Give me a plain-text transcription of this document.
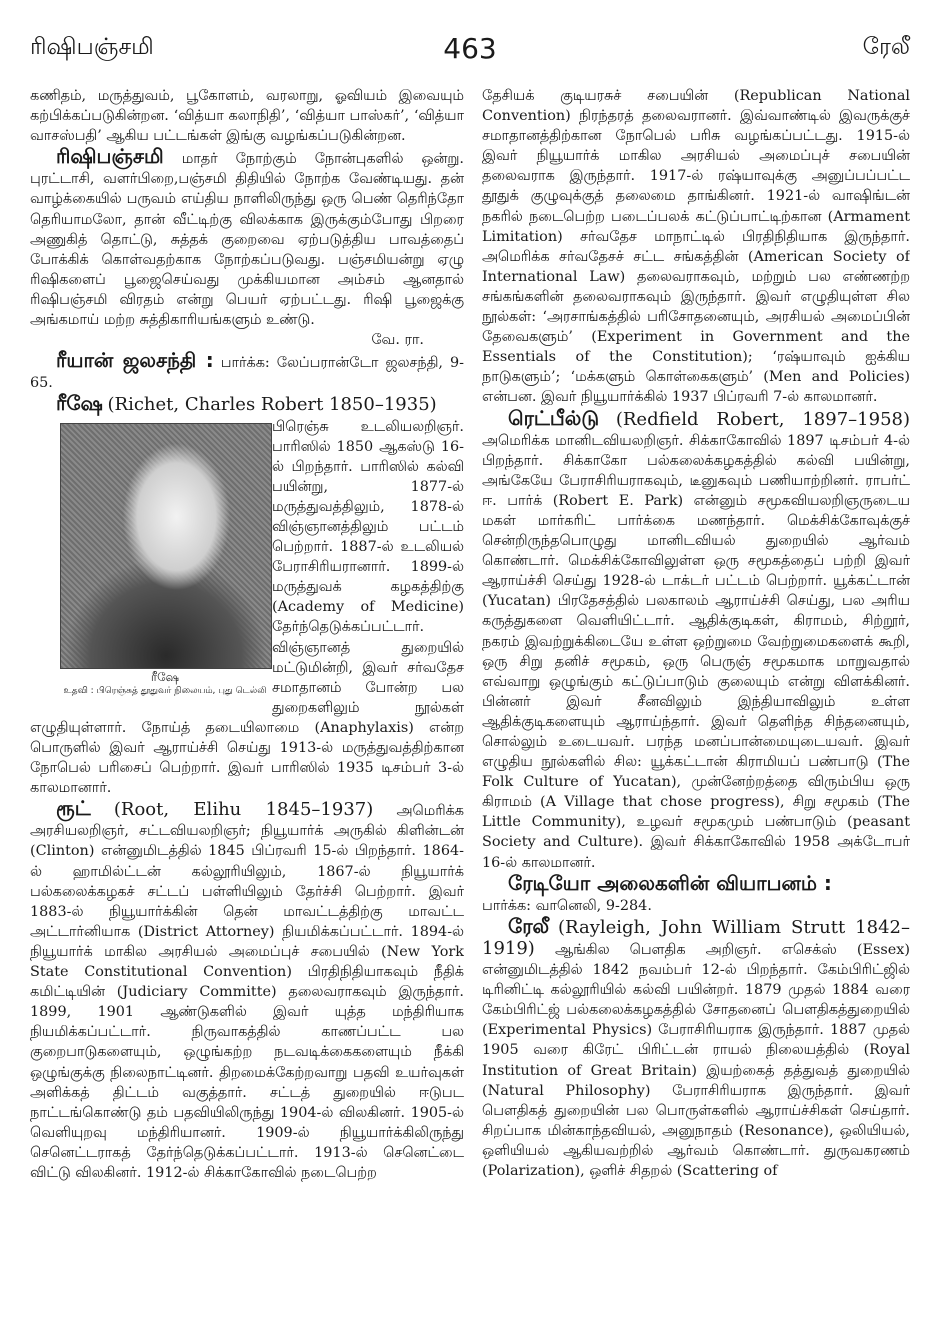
ரிஷிபஞ்சமி	463	ரேலீ

கணிதம், மருத்துவம், பூகோளம், வரலாறு, ஓவியம் இவையும் கற்பிக்கப்படுகின்றன. ‘வித்யா கலாநிதி’, ‘வித்யா பாஸ்கர்’, ‘வித்யா வாசஸ்பதி’ ஆகிய பட்டங்கள் இங்கு வழங்கப்படுகின்றன.

ரிஷிபஞ்சமி மாதர் நோற்கும் நோன்புகளில் ஒன்று. புரட்டாசி, வளர்பிறை,பஞ்சமி திதியில் நோற்க வேண்டியது. தன் வாழ்க்கையில் பருவம் எய்திய நாளிலிருந்து ஒரு பெண் தெரிந்தோ தெரியாமலோ, தான் வீட்டிற்கு விலக்காக இருக்கும்போது பிறரை அணுகித் தொட்டு, சுத்தக் குறைவை ஏற்படுத்திய பாவத்தைப் போக்கிக் கொள்வதற்காக நோற்கப்படுவது. பஞ்சமியன்று ஏழு ரிஷிகளைப் பூஜைசெய்வது முக்கியமான அம்சம் ஆனதால் ரிஷிபஞ்சமி விரதம் என்று பெயர் ஏற்பட்டது. ரிஷி பூஜைக்கு அங்கமாய் மற்ற சுத்திகாரியங்களும் உண்டு.
வே. ரா.

ரீயான் ஜலசந்தி : பார்க்க: லேப்பரான்டோ ஜலசந்தி, 9-65.

ரீஷே (Richet, Charles Robert 1850–1935)

ரீஷே
உதவி : பிரெஞ்சுத் தூதுவர் நிலையம், புது டெல்லி

பிரெஞ்சு உடலியலறிஞர். பாரிஸில் 1850 ஆகஸ்டு 16-ல் பிறந்தார். பாரிஸில் கல்வி பயின்று, 1877-ல் மருத்துவத்திலும், 1878-ல் விஞ்ஞானத்திலும் பட்டம் பெற்றார். 1887-ல் உடலியல் பேராசிரியரானார். 1899-ல் மருத்துவக் கழகத்திற்கு (Academy of Medicine) தேர்ந்தெடுக்கப்பட்டார். விஞ்ஞானத் துறையில் மட்டுமின்றி, இவர் சர்வதேச சமாதானம் போன்ற பல துறைகளிலும் நூல்கள் எழுதியுள்ளார். நோய்த் தடையிலாமை (Anaphylaxis) என்ற பொருளில் இவர் ஆராய்ச்சி செய்து 1913-ல் மருத்துவத்திற்கான நோபெல் பரிசைப் பெற்றார். இவர் பாரிஸில் 1935 டிசம்பர் 3-ல் காலமானார்.

ரூட் (Root, Elihu 1845–1937) அமெரிக்க அரசியலறிஞர், சட்டவியலறிஞர்; நியூயார்க் அருகில் கிளின்டன் (Clinton) என்னுமிடத்தில் 1845 பிப்ரவரி 15-ல் பிறந்தார். 1864-ல் ஹாமில்ட்டன் கல்லூரியிலும், 1867-ல் நியூயார்க் பல்கலைக்கழகச் சட்டப் பள்ளியிலும் தேர்ச்சி பெற்றார். இவர் 1883-ல் நியூயார்க்கின் தென் மாவட்டத்திற்கு மாவட்ட அட்டார்னியாக (District Attorney) நியமிக்கப்பட்டார். 1894-ல் நியூயார்க் மாகில அரசியல் அமைப்புச் சபையில் (New York State Constitutional Convention) பிரதிநிதியாகவும் நீதிக் கமிட்டியின் (Judiciary Committe) தலைவராகவும் இருந்தார். 1899, 1901 ஆண்டுகளில் இவர் யுத்த மந்திரியாக நியமிக்கப்பட்டார். நிருவாகத்தில் காணப்பட்ட பல குறைபாடுகளையும், ஒழுங்கற்ற நடவடிக்கைகளையும் நீக்கி ஒழுங்குக்கு நிலைநாட்டினர். திறமைக்கேற்றவாறு பதவி உயர்வுகள் அளிக்கத் திட்டம் வகுத்தார். சட்டத் துறையில் ஈடுபட நாட்டங்கொண்டு தம் பதவியிலிருந்து 1904-ல் விலகினர். 1905-ல் வெளியுறவு மந்திரியானர். 1909-ல் நியூயார்க்கிலிருந்து செனெட்டராகத் தேர்ந்தெடுக்கப்பட்டார். 1913-ல் செனெட்டை விட்டு விலகினர். 1912-ல் சிக்காகோவில் நடைபெற்ற

தேசியக் குடியரசுச் சபையின் (Republican National Convention) நிரந்தரத் தலைவரானர். இவ்வாண்டில் இவருக்குச் சமாதானத்திற்கான நோபெல் பரிசு வழங்கப்பட்டது. 1915-ல் இவர் நியூயார்க் மாகில அரசியல் அமைப்புச் சபையின் தலைவராக இருந்தார். 1917-ல் ரஷ்யாவுக்கு அனுப்பப்பட்ட தூதுக் குழுவுக்குத் தலைமை தாங்கினர். 1921-ல் வாஷிங்டன் நகரில் நடைபெற்ற படைப்பலக் கட்டுப்பாட்டிற்கான (Armament Limitation) சர்வதேச மாநாட்டில் பிரதிநிதியாக இருந்தார். அமெரிக்க சர்வதேசச் சட்ட சங்கத்தின் (American Society of International Law) தலைவராகவும், மற்றும் பல எண்ணற்ற சங்கங்களின் தலைவராகவும் இருந்தார். இவர் எழுதியுள்ள சில நூல்கள்: ‘அரசாங்கத்தில் பரிசோதனையும், அரசியல் அமைப்பின் தேவைகளும்’ (Experiment in Government and the Essentials of the Constitution); ‘ரஷ்யாவும் ஐக்கிய நாடுகளும்’; ‘மக்களும் கொள்கைகளும்’ (Men and Policies) என்பன. இவர் நியூயார்க்கில் 1937 பிப்ரவரி 7-ல் காலமானர்.

ரெட்பீல்டு (Redfield Robert, 1897–1958) அமெரிக்க மானிடவியலறிஞர். சிக்காகோவில் 1897 டிசம்பர் 4-ல் பிறந்தார். சிக்காகோ பல்கலைக்கழகத்தில் கல்வி பயின்று, அங்கேயே பேராசிரியராகவும், டீனுகவும் பணியாற்றினர். ராபர்ட் ஈ. பார்க் (Robert E. Park) என்னும் சமூகவியலறிஞருடைய மகள் மார்கரிட் பார்க்கை மணந்தார். மெக்சிக்கோவுக்குச் சென்றிருந்தபொழுது மானிடவியல் துறையில் ஆர்வம் கொண்டார். மெக்சிக்கோவிலுள்ள ஒரு சமூகத்தைப் பற்றி இவர் ஆராய்ச்சி செய்து 1928-ல் டாக்டர் பட்டம் பெற்றார். யூக்கட்டான் (Yucatan) பிரதேசத்தில் பலகாலம் ஆராய்ச்சி செய்து, பல அரிய கருத்துகளை வெளியிட்டார். ஆதிக்குடிகள், கிராமம், சிற்றூர், நகரம் இவற்றுக்கிடையே உள்ள ஒற்றுமை வேற்றுமைகளைக் கூறி, ஒரு சிறு தனிச் சமூகம், ஒரு பெருஞ் சமூகமாக மாறுவதால் எவ்வாறு ஒழுங்கும் கட்டுப்பாடும் குலையும் என்று விளக்கினர். பின்னர் இவர் சீனவிலும் இந்தியாவிலும் உள்ள ஆதிக்குடிகளையும் ஆராய்ந்தார். இவர் தெளிந்த சிந்தனையும், சொல்லும் உடையவர். பரந்த மனப்பான்மையுடையவர். இவர் எழுதிய நூல்களில் சில: யூக்கட்டான் கிராமியப் பண்பாடு (The Folk Culture of Yucatan), முன்னேற்றத்தை விரும்பிய ஒரு கிராமம் (A Village that chose progress), சிறு சமூகம் (The Little Community), உழவர் சமூகமும் பண்பாடும் (peasant Society and Culture). இவர் சிக்காகோவில் 1958 அக்டோபர் 16-ல் காலமானர்.

ரேடியோ அலைகளின் வியாபனம் :
பார்க்க: வானெலி, 9-284.

ரேலீ (Rayleigh, John William Strutt 1842–1919) ஆங்கில பௌதிக அறிஞர். எசெக்ஸ் (Essex) என்னுமிடத்தில் 1842 நவம்பர் 12-ல் பிறந்தார். கேம்பிரிட்ஜில் டிரினிட்டி கல்லூரியில் கல்வி பயின்றர். 1879 முதல் 1884 வரை கேம்பிரிட்ஜ் பல்கலைக்கழகத்தில் சோதனைப் பௌதிகத்துறையில் (Experimental Physics) பேராசிரியராக இருந்தார். 1887 முதல் 1905 வரை கிரேட் பிரிட்டன் ராயல் நிலையத்தில் (Royal Institution of Great Britain) இயற்கைத் தத்துவத் துறையில் (Natural Philosophy) பேராசிரியராக இருந்தார். இவர் பௌதிகத் துறையின் பல பொருள்களில் ஆராய்ச்சிகள் செய்தார். சிறப்பாக மின்காந்தவியல், அனுநாதம் (Resonance), ஒலியியல், ஒளியியல் ஆகியவற்றில் ஆர்வம் கொண்டார். துருவகரணம் (Polarization), ஒளிச் சிதறல் (Scattering of
